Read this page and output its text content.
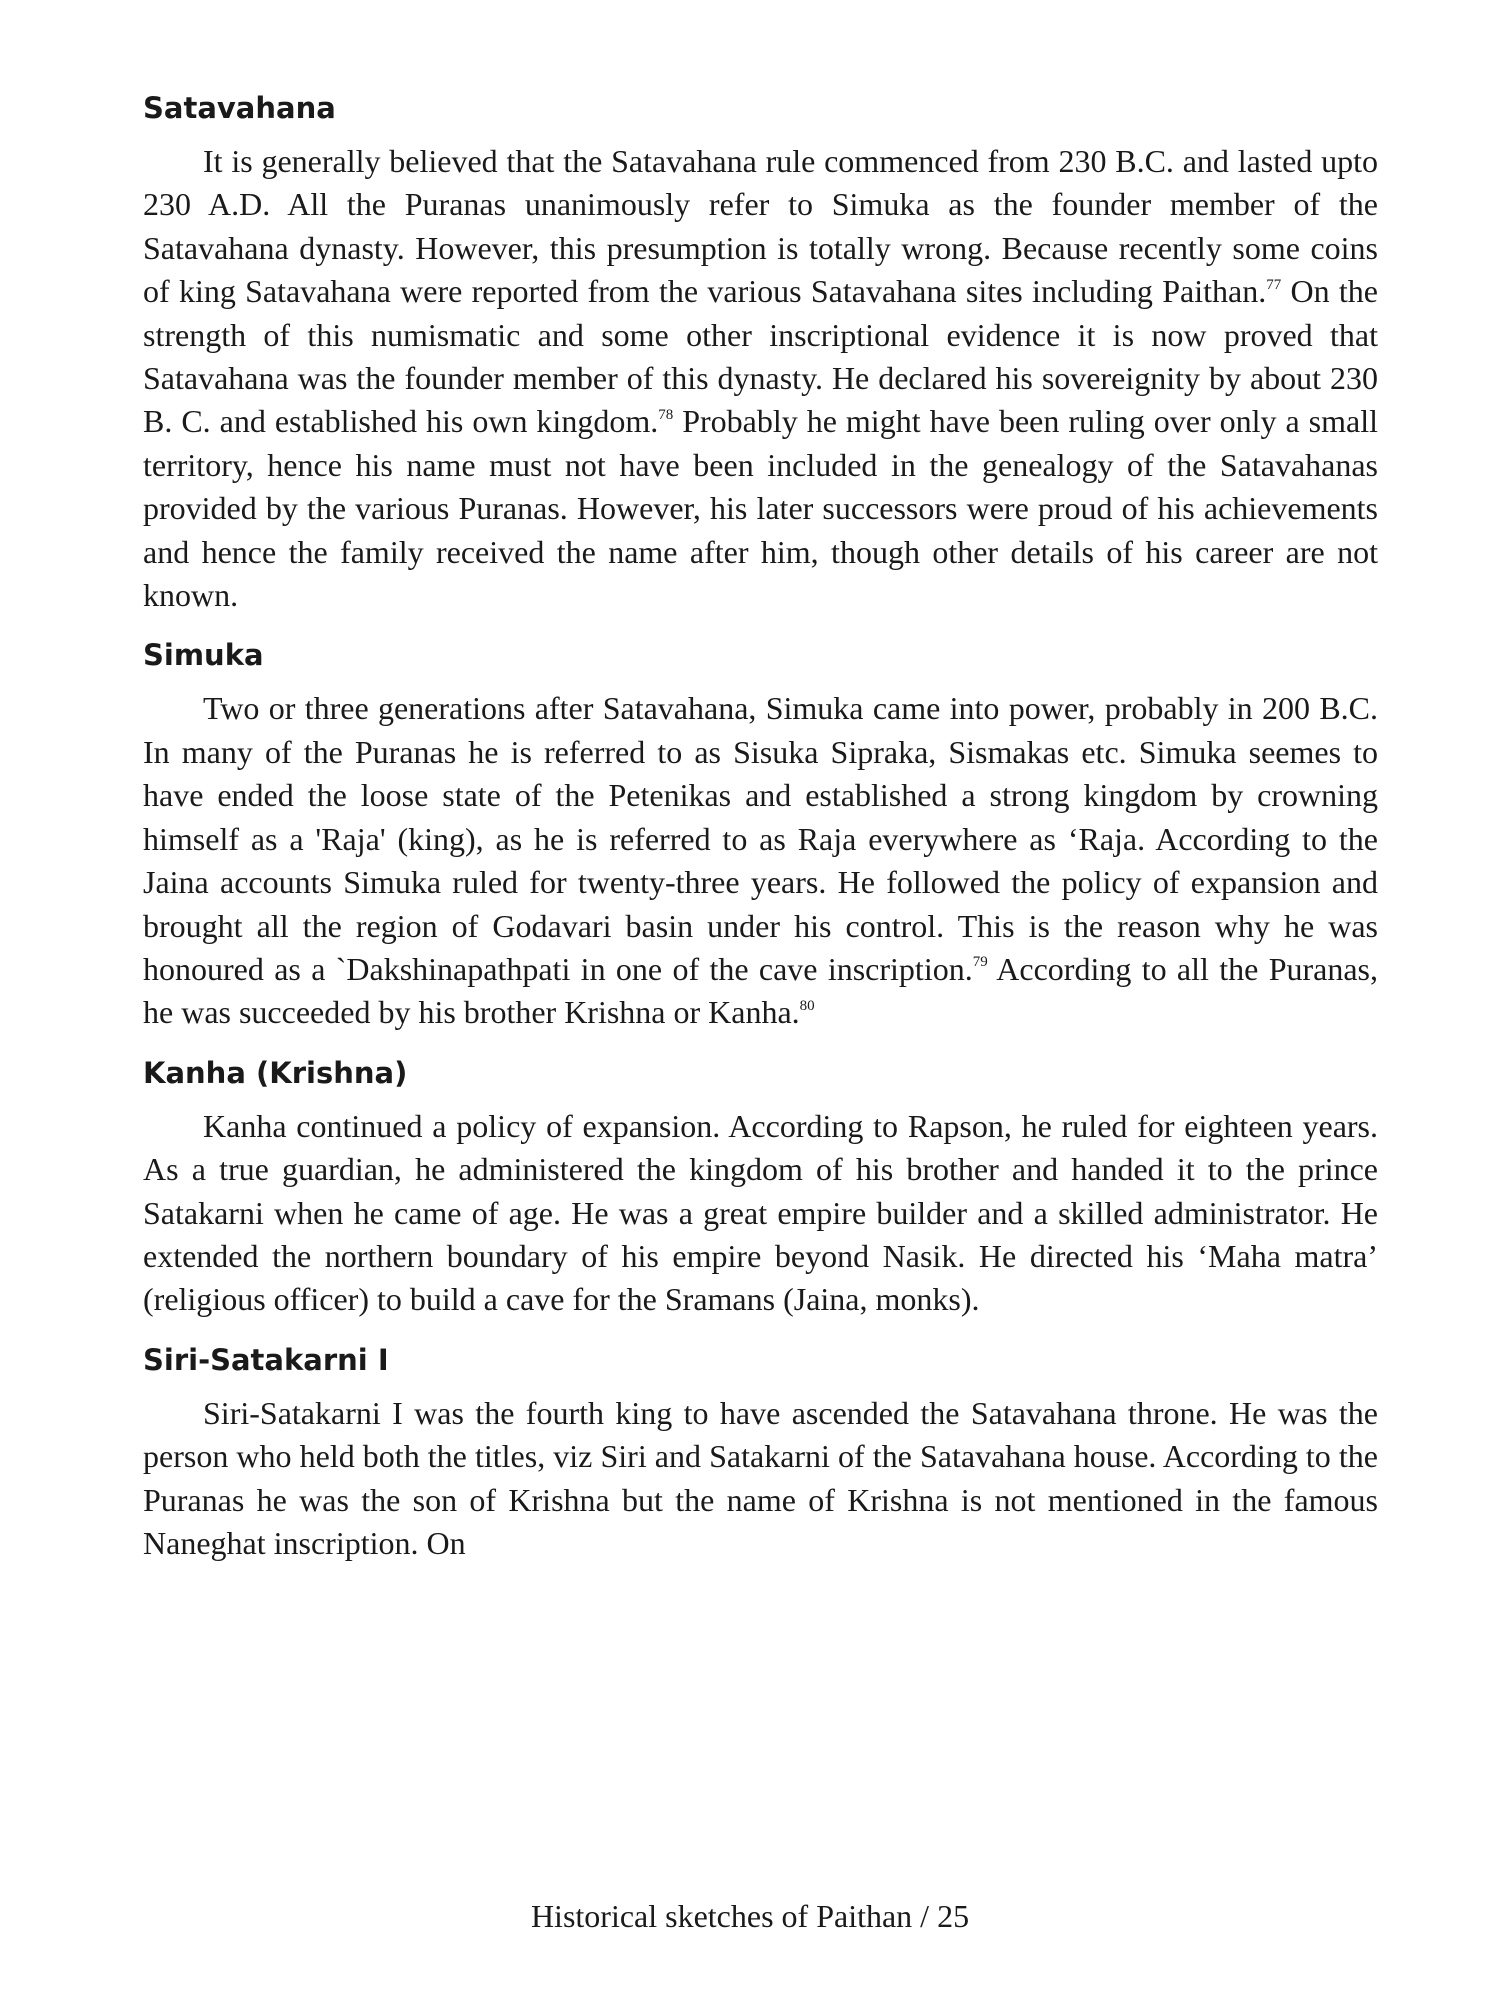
Satavahana

It is generally believed that the Satavahana rule commenced from 230 B.C. and lasted upto 230 A.D. All the Puranas unanimously refer to Simuka as the founder member of the Satavahana dynasty. However, this presumption is totally wrong. Because recently some coins of king Satavahana were reported from the various Satavahana sites including Paithan.$^{77}$ On the strength of this numismatic and some other inscriptional evidence it is now proved that Satavahana was the founder member of this dynasty. He declared his sovereignity by about 230 B. C. and established his own kingdom.$^{78}$ Probably he might have been ruling over only a small territory, hence his name must not have been included in the genealogy of the Satavahanas provided by the various Puranas. However, his later successors were proud of his achievements and hence the family received the name after him, though other details of his career are not known.

Simuka

Two or three generations after Satavahana, Simuka came into power, probably in 200 B.C. In many of the Puranas he is referred to as Sisuka Sipraka, Sismakas etc. Simuka seemes to have ended the loose state of the Petenikas and established a strong kingdom by crowning himself as a 'Raja' (king), as he is referred to as Raja everywhere as ‘Raja. According to the Jaina accounts Simuka ruled for twenty-three years. He followed the policy of expansion and brought all the region of Godavari basin under his control. This is the reason why he was honoured as a `Dakshinapathpati in one of the cave inscription.$^{79}$ According to all the Puranas, he was succeeded by his brother Krishna or Kanha.$^{80}$

Kanha (Krishna)

Kanha continued a policy of expansion. According to Rapson, he ruled for eighteen years. As a true guardian, he administered the kingdom of his brother and handed it to the prince Satakarni when he came of age. He was a great empire builder and a skilled administrator. He extended the northern boundary of his empire beyond Nasik. He directed his ‘Maha matra’ (religious officer) to build a cave for the Sramans (Jaina, monks).

Siri-Satakarni I

Siri-Satakarni I was the fourth king to have ascended the Satavahana throne. He was the person who held both the titles, viz Siri and Satakarni of the Satavahana house. According to the Puranas he was the son of Krishna but the name of Krishna is not mentioned in the famous Naneghat inscription. On

Historical sketches of Paithan / 25
